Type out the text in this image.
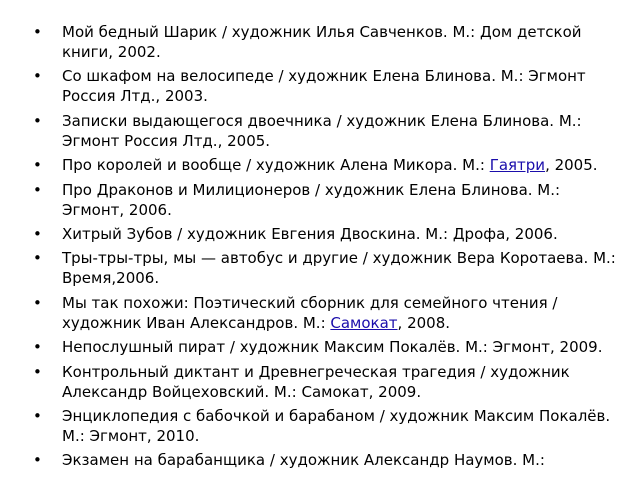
• Мой бедный Шарик / художник Илья Савченков. М.: Дом детской книги, 2002.
• Со шкафом на велосипеде / художник Елена Блинова. М.: Эгмонт Россия Лтд., 2003.
• Записки выдающегося двоечника / художник Елена Блинова. М.: Эгмонт Россия Лтд., 2005.
• Про королей и вообще / художник Алена Микора. М.: Гаятри, 2005.
• Про Драконов и Милиционеров / художник Елена Блинова. М.: Эгмонт, 2006.
• Хитрый Зубов / художник Евгения Двоскина. М.: Дрофа, 2006.
• Тры-тры-тры, мы — автобус и другие / художник Вера Коротаева. М.: Время,2006.
• Мы так похожи: Поэтический сборник для семейного чтения / художник Иван Александров. М.: Самокат, 2008.
• Непослушный пират / художник Максим Покалёв. М.: Эгмонт, 2009.
• Контрольный диктант и Древнегреческая трагедия / художник Александр Войцеховский. М.: Самокат, 2009.
• Энциклопедия с бабочкой и барабаном / художник Максим Покалёв. М.: Эгмонт, 2010.
• Экзамен на барабанщика / художник Александр Наумов. М.:
